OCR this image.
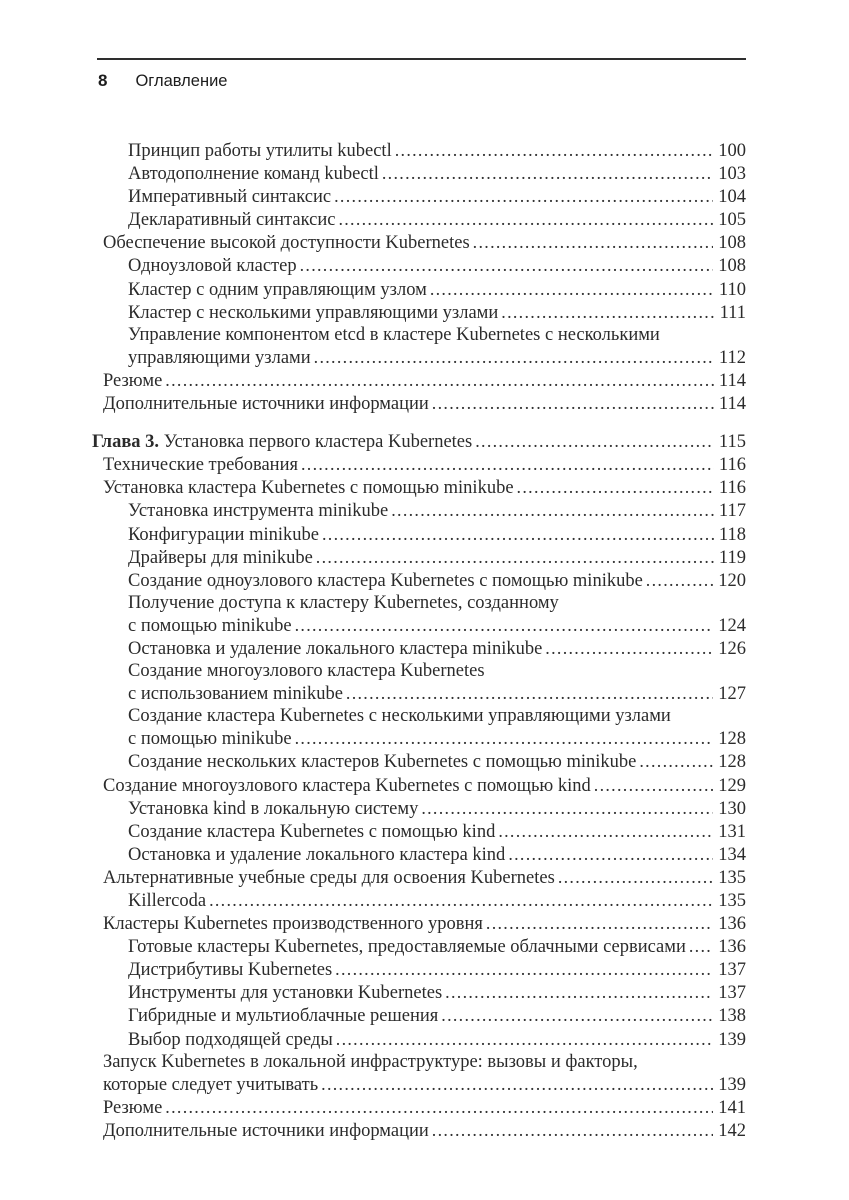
8 Оглавление
Принцип работы утилиты kubectl .....	100
Автодополнение команд kubectl .....	103
Императивный синтаксис .....	104
Декларативный синтаксис .....	105
Обеспечение высокой доступности Kubernetes .....	108
Одноузловой кластер .....	108
Кластер с одним управляющим узлом .....	110
Кластер с несколькими управляющими узлами .....	111
Управление компонентом etcd в кластере Kubernetes с несколькими
управляющими узлами .....	112
Резюме .....	114
Дополнительные источники информации .....	114
Глава 3. Установка первого кластера Kubernetes .....	115
Технические требования .....	116
Установка кластера Kubernetes с помощью minikube .....	116
Установка инструмента minikube .....	117
Конфигурации minikube .....	118
Драйверы для minikube .....	119
Создание одноузлового кластера Kubernetes с помощью minikube .....	120
Получение доступа к кластеру Kubernetes, созданному
с помощью minikube .....	124
Остановка и удаление локального кластера minikube .....	126
Создание многоузлового кластера Kubernetes
с использованием minikube .....	127
Создание кластера Kubernetes с несколькими управляющими узлами
с помощью minikube .....	128
Создание нескольких кластеров Kubernetes с помощью minikube .....	128
Создание многоузлового кластера Kubernetes с помощью kind .....	129
Установка kind в локальную систему .....	130
Создание кластера Kubernetes с помощью kind .....	131
Остановка и удаление локального кластера kind .....	134
Альтернативные учебные среды для освоения Kubernetes .....	135
Killercoda .....	135
Кластеры Kubernetes производственного уровня .....	136
Готовые кластеры Kubernetes, предоставляемые облачными сервисами ..... 136
Дистрибутивы Kubernetes .....	137
Инструменты для установки Kubernetes .....	137
Гибридные и мультиоблачные решения .....	138
Выбор подходящей среды .....	139
Запуск Kubernetes в локальной инфраструктуре: вызовы и факторы,
которые следует учитывать .....	139
Резюме .....	141
Дополнительные источники информации .....	142
